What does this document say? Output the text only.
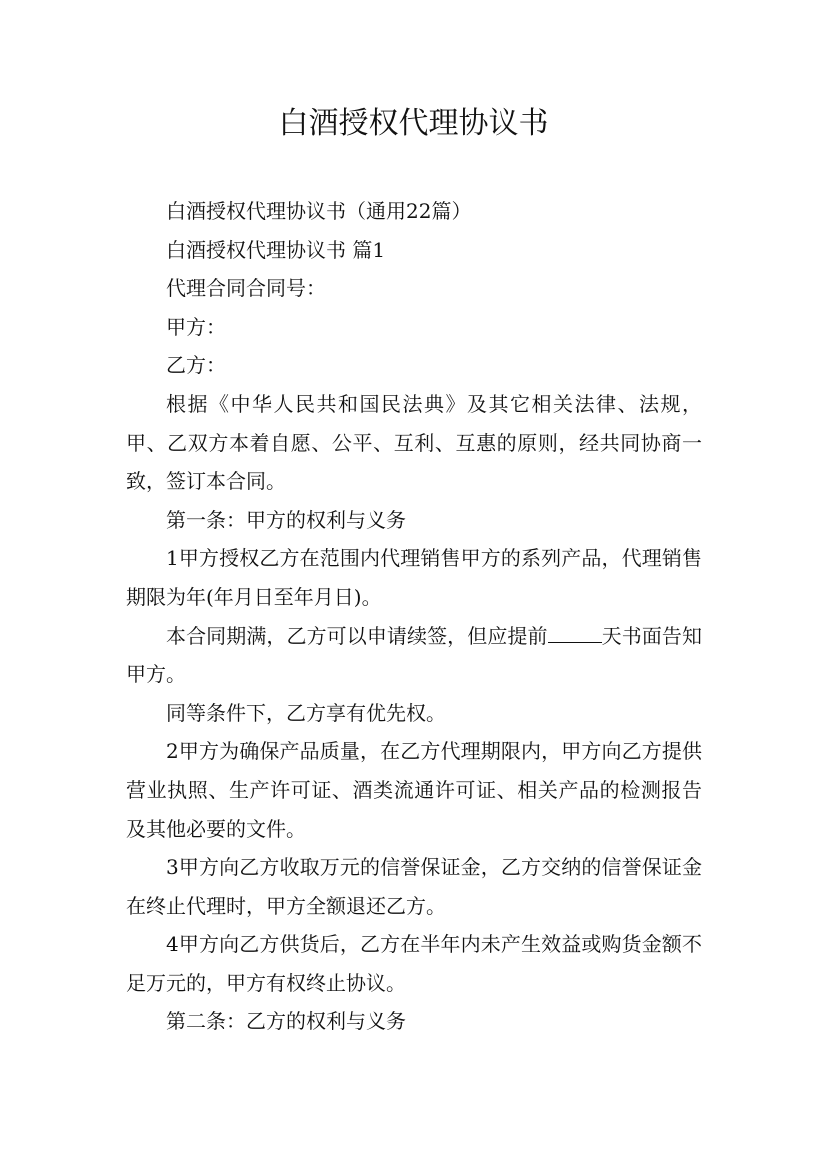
白酒授权代理协议书

白酒授权代理协议书（通用22篇）

白酒授权代理协议书 篇1

代理合同合同号：

甲方：

乙方：

根据《中华人民共和国民法典》及其它相关法律、法规，甲、乙双方本着自愿、公平、互利、互惠的原则，经共同协商一致，签订本合同。

第一条：甲方的权利与义务

1甲方授权乙方在范围内代理销售甲方的系列产品，代理销售期限为年(年月日至年月日)。

本合同期满，乙方可以申请续签，但应提前	天书面告知甲方。

同等条件下，乙方享有优先权。

2甲方为确保产品质量，在乙方代理期限内，甲方向乙方提供营业执照、生产许可证、酒类流通许可证、相关产品的检测报告及其他必要的文件。

3甲方向乙方收取万元的信誉保证金，乙方交纳的信誉保证金在终止代理时，甲方全额退还乙方。

4甲方向乙方供货后，乙方在半年内未产生效益或购货金额不足万元的，甲方有权终止协议。

第二条：乙方的权利与义务
